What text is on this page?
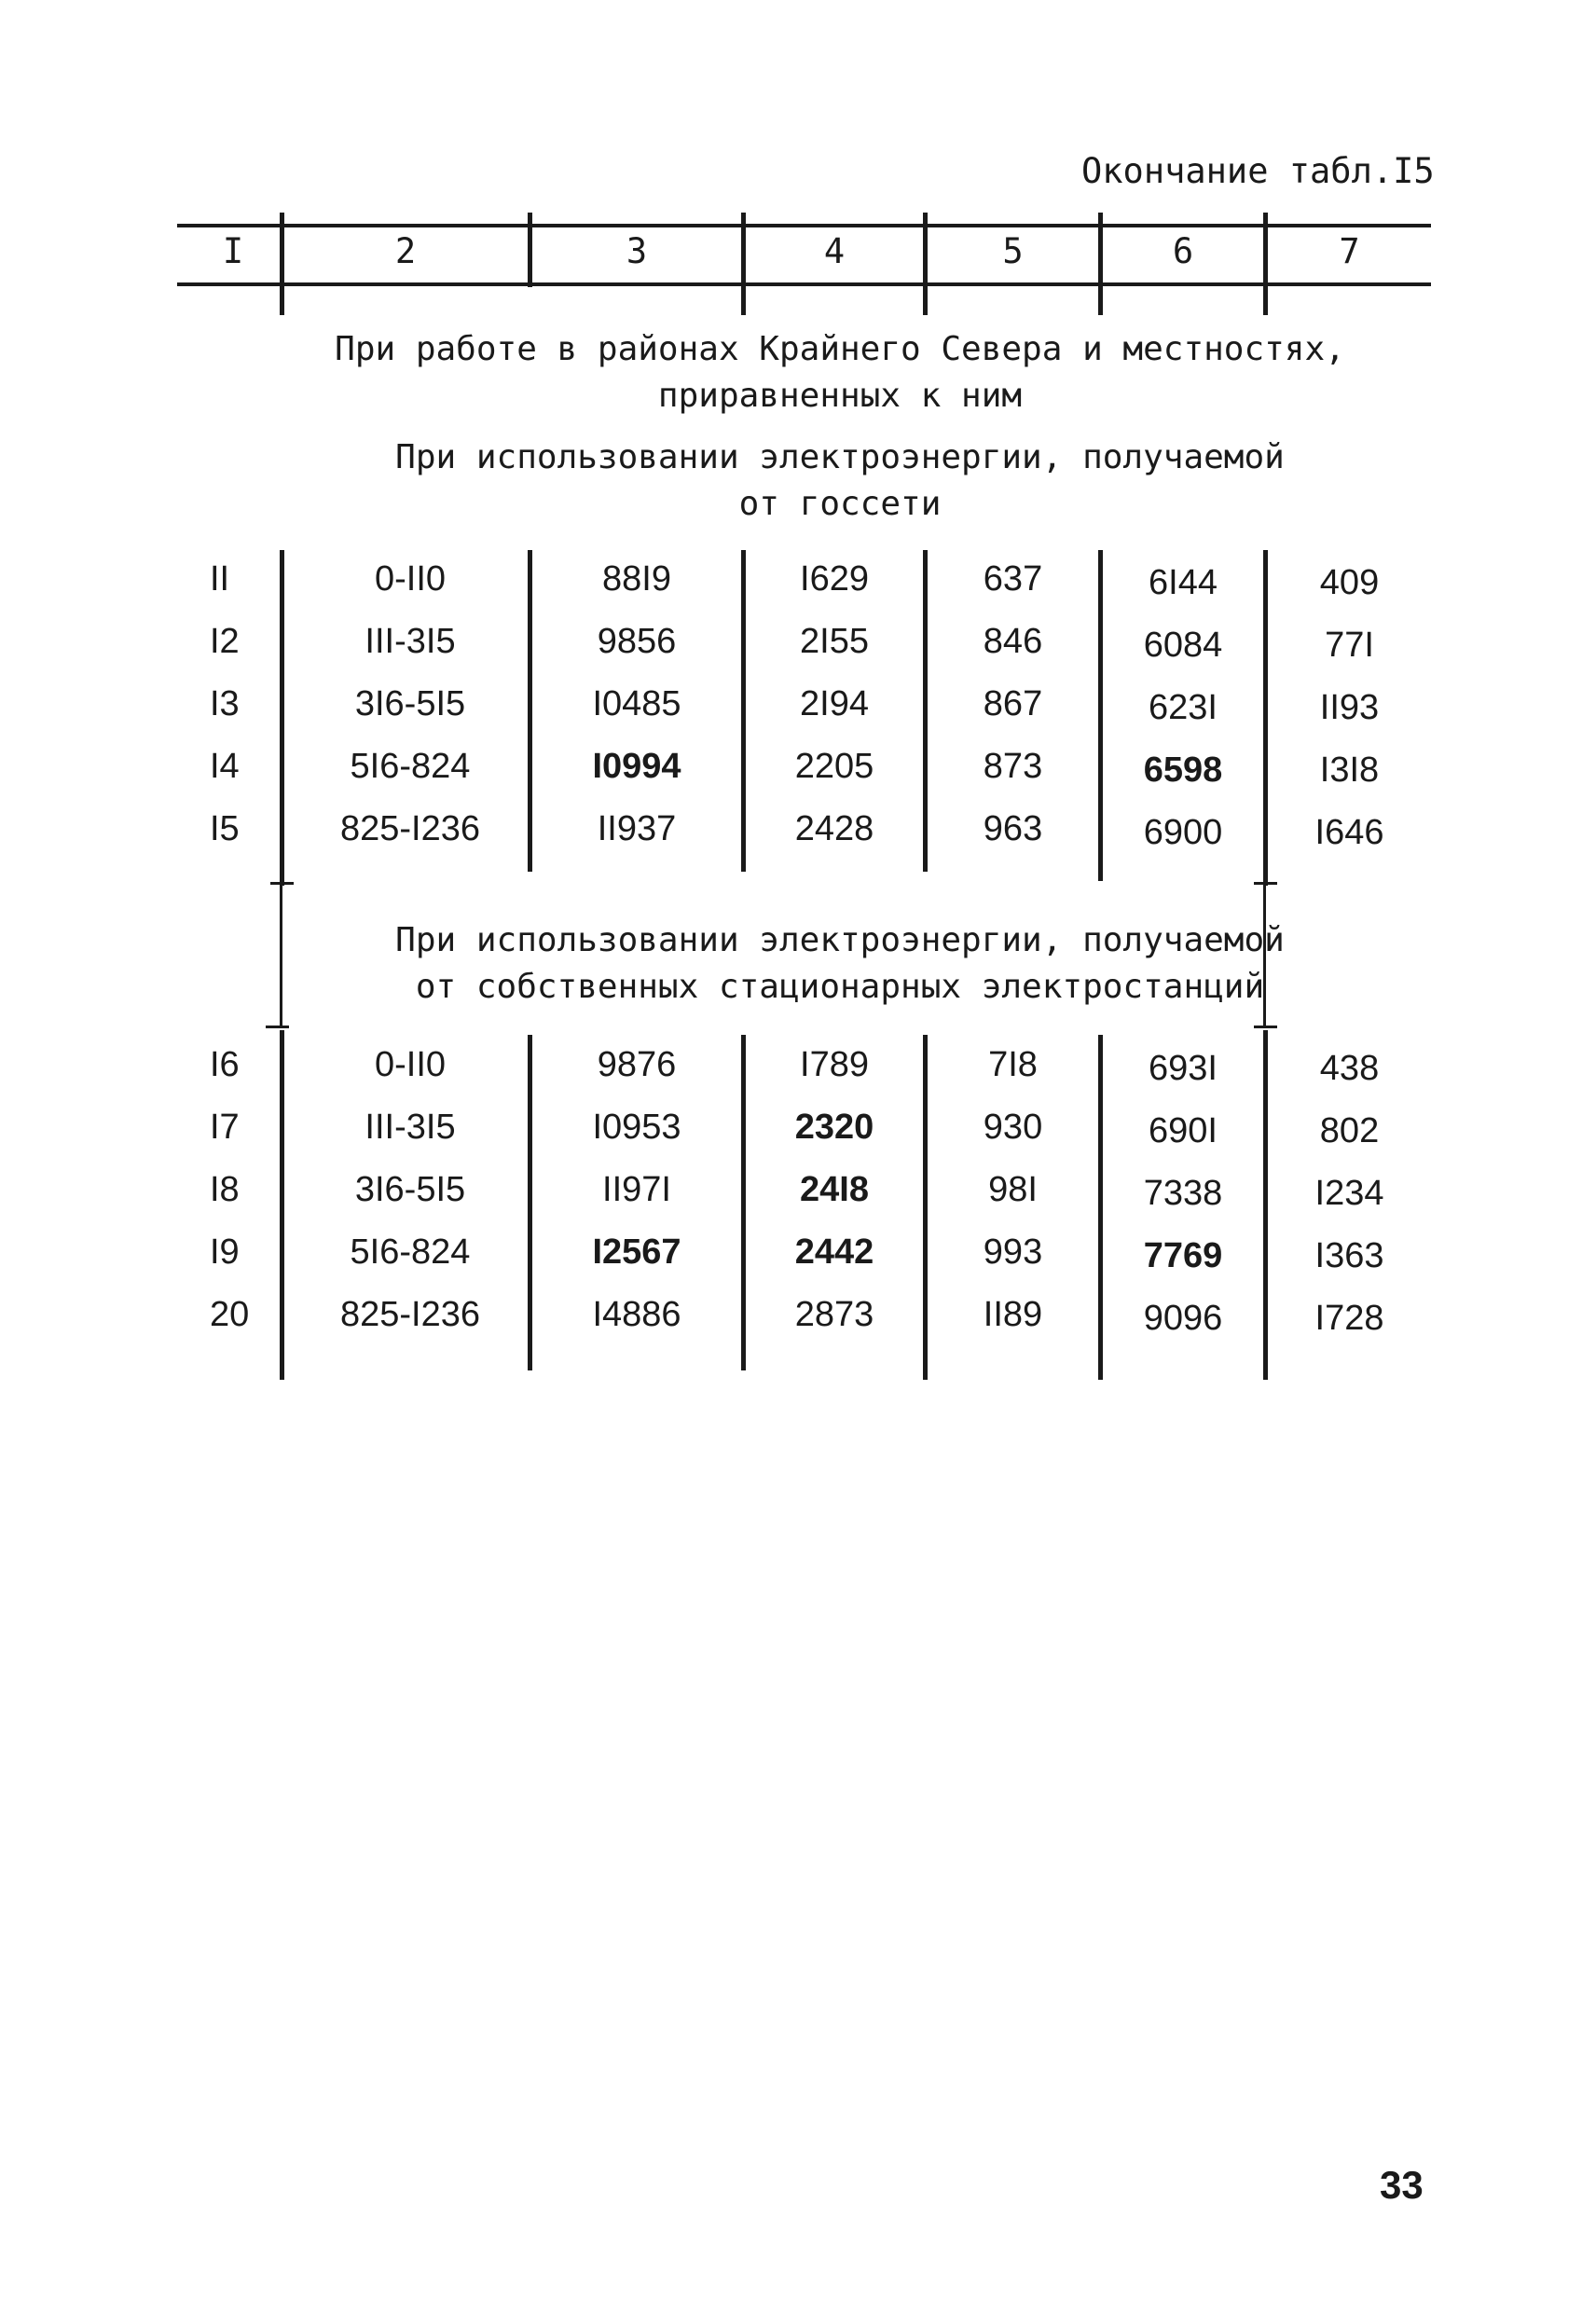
Окончание табл.I5
I	2	3	4	5	6	7
При работе в районах Крайнего Севера и местностях,
приравненных к ним
При использовании электроэнергии, получаемой
от госсети
II	0-II0	88I9	I629	637	6I44	409
I2	III-3I5	9856	2I55	846	6084	77I
I3	3I6-5I5	I0485	2I94	867	623I	II93
I4	5I6-824	I0994	2205	873	6598	I3I8
I5	825-I236	II937	2428	963	6900	I646
При использовании электроэнергии, получаемой
от собственных стационарных электростанций
I6	0-II0	9876	I789	7I8	693I	438
I7	III-3I5	I0953	2320	930	690I	802
I8	3I6-5I5	II97I	24I8	98I	7338	I234
I9	5I6-824	I2567	2442	993	7769	I363
20	825-I236	I4886	2873	II89	9096	I728
33
